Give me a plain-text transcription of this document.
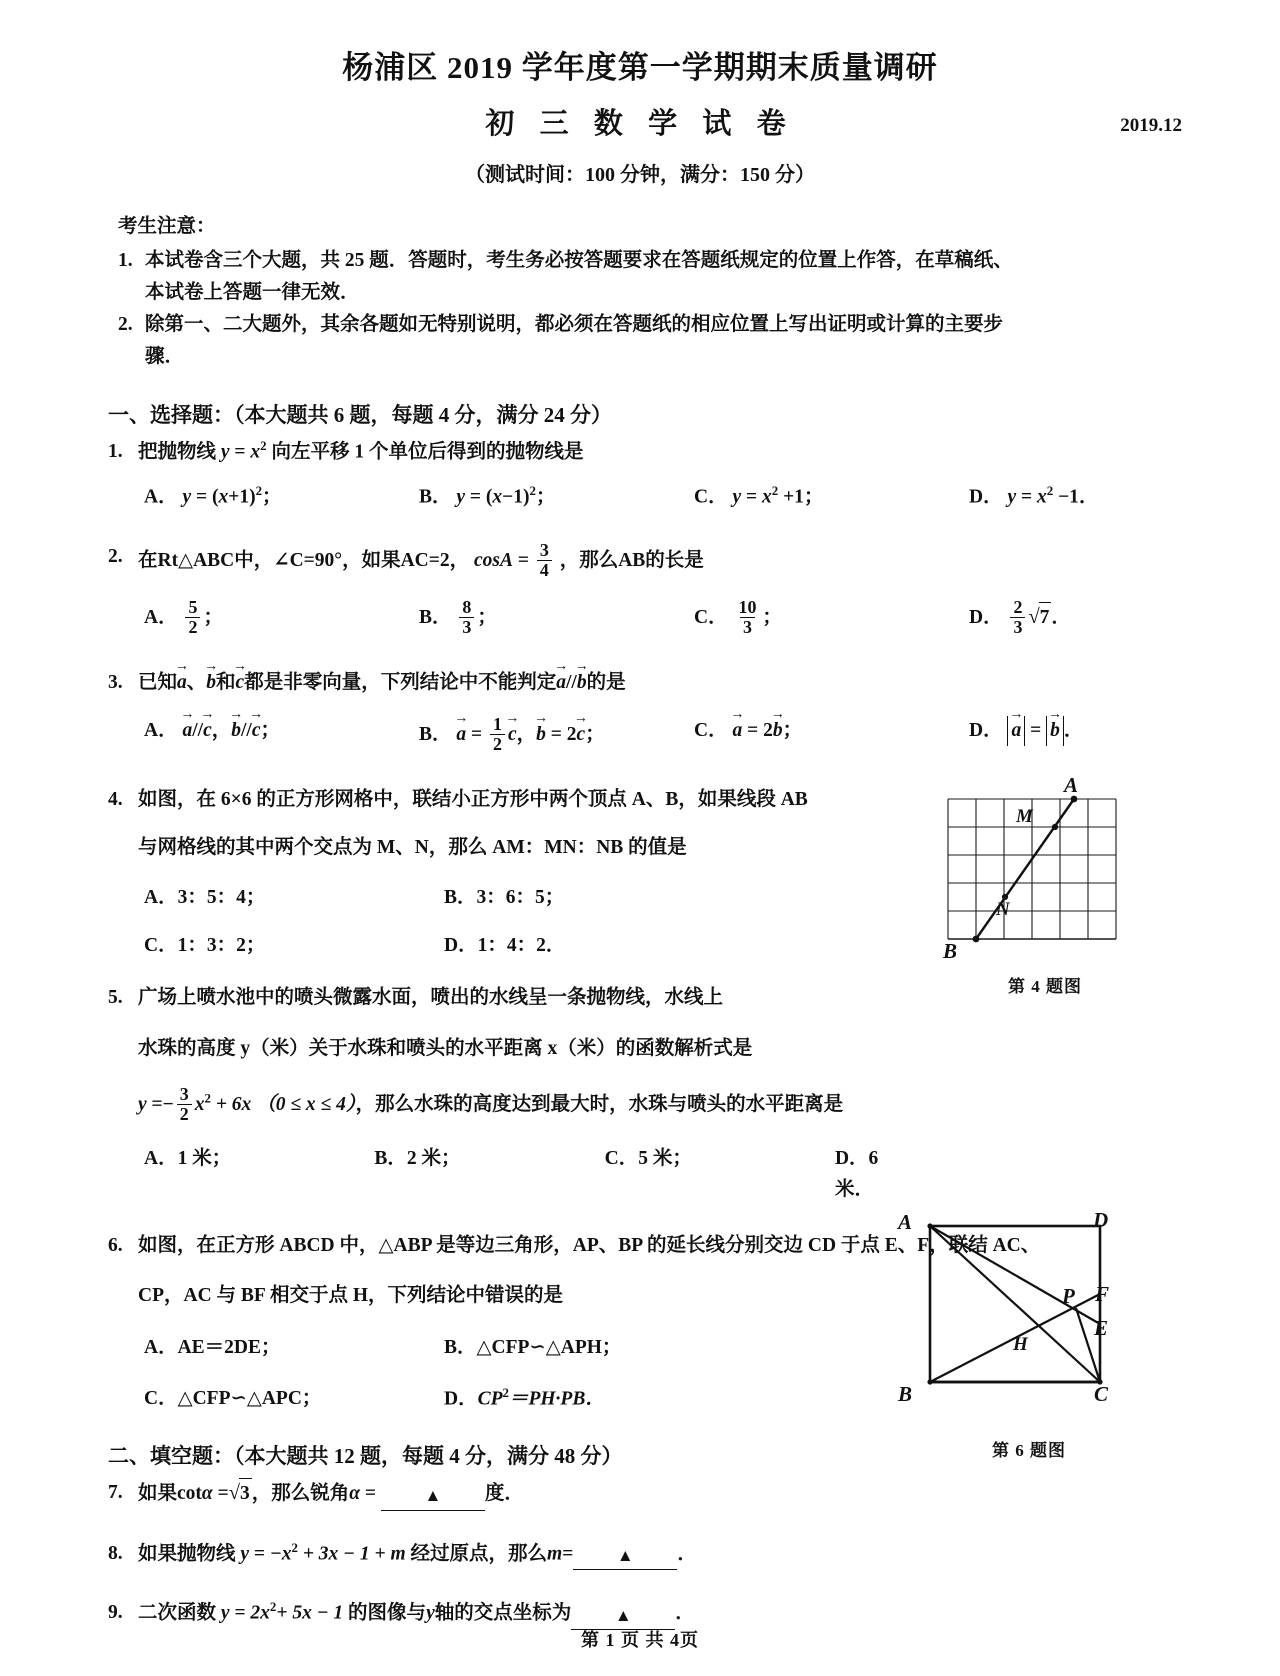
杨浦区 2019 学年度第一学期期末质量调研
初 三 数 学 试 卷	2019.12
（测试时间：100 分钟，满分：150 分）
考生注意：
1. 本试卷含三个大题，共 25 题．答题时，考生务必按答题要求在答题纸规定的位置上作答，在草稿纸、
本试卷上答题一律无效．
2. 除第一、二大题外，其余各题如无特别说明，都必须在答题纸的相应位置上写出证明或计算的主要步
骤．
一、选择题：（本大题共 6 题，每题 4 分，满分 24 分）
1. 把抛物线 $y = x^2$ 向左平移 1 个单位后得到的抛物线是
A． $y = (x+1)^2$；	B． $y = (x-1)^2$；	C． $y = x^2 +1$；	D． $y = x^2 -1$．
2. 在Rt△ABC中，∠C=90°，如果AC=2， $\cos A = \frac{3}{4}$ ，那么AB的长是
A． $\frac{5}{2}$ ；	B． $\frac{8}{3}$ ；	C． $\frac{10}{3}$ ；	D． $\frac{2}{3} √7$ ．
3. 已知a →、b →和c →都是非零向量，下列结论中不能判定a →//b →的是
A． a →//c →，b →//c →；	B． a → = $\frac{1}{2}$ c →，b → = 2c →；	C． a → = 2b →；	D． a → = b → ．
4. 如图，在 6×6 的正方形网格中，联结小正方形中两个顶点 A、B，如果线段 AB
与网格线的其中两个交点为 M、N，那么 AM：MN：NB 的值是
A．3：5：4；	B．3：6：5；
C．1：3：2；	D．1：4：2．
5. 广场上喷水池中的喷头微露水面，喷出的水线呈一条抛物线，水线上
水珠的高度 y（米）关于水珠和喷头的水平距离 x（米）的函数解析式是
$y =- \frac{3}{2} x^2 + 6x$ （0 ≤ x ≤ 4），那么水珠的高度达到最大时，水珠与喷头的水平距离是
A．1 米；	B．2 米；	C．5 米；	D．6 米．
6. 如图，在正方形 ABCD 中，△ABP 是等边三角形，AP、BP 的延长线分别交边 CD 于点 E、F，联结 AC、
CP，AC 与 BF 相交于点 H，下列结论中错误的是
A．AE＝2DE；	B．△CFP∽△APH；
C．△CFP∽△APC；	D．$CP^2=PH\cdot PB$．
二、填空题：（本大题共 12 题，每题 4 分，满分 48 分）
7. 如果cotα =√3 ，那么锐角α =	▲ 度．
8. 如果抛物线 $y = -x^2 + 3x - 1 + m$ 经过原点，那么m=	▲ ．
9. 二次函数 $y = 2x^2+ 5x - 1$ 的图像与y轴的交点坐标为	▲ ．
A
M
N
B
第 4 题图
A	D
F
P
E
H
B	C
第 6 题图
第 1 页 共 4页
